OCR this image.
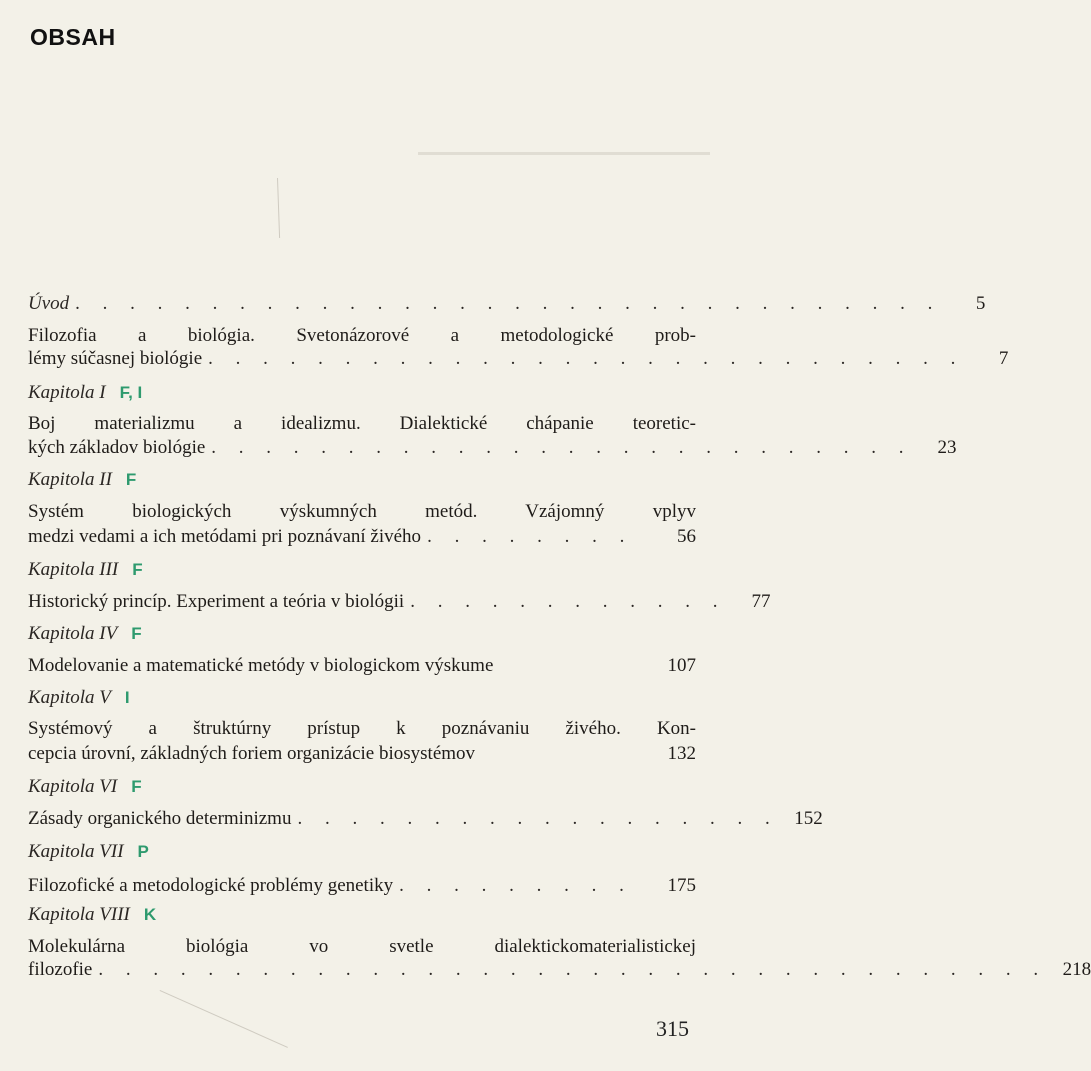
OBSAH
Úvod . . . . . . . . . . . . . . . . . . . . . . . . . . . . . . . .	5
Filozofia a biológia. Svetonázorové a metodologické prob-
lémy súčasnej biológie . . . . . . . . . . . . . . . . . . . . . . . . . . . .	7
Kapitola I F, I
Boj materializmu a idealizmu. Dialektické chápanie teoretic-
kých základov biológie . . . . . . . . . . . . . . . . . . . . . . . . . .	23
Kapitola II F
Systém biologických výskumných metód. Vzájomný vplyv
medzi vedami a ich metódami pri poznávaní živého . . . . . . . .	56
Kapitola III F
Historický princíp. Experiment a teória v biológii . . . . . . . . . . . .	77
Kapitola IV F
Modelovanie a matematické metódy v biologickom výskume	107
Kapitola V I
Systémový a štruktúrny prístup k poznávaniu živého. Kon-
cepcia úrovní, základných foriem organizácie biosystémov	132
Kapitola VI F
Zásady organického determinizmu . . . . . . . . . . . . . . . . . . 152
Kapitola VII P
Filozofické a metodologické problémy genetiky . . . . . . . . .	175
Kapitola VIII K
Molekulárna biológia vo svetle dialektickomaterialistickej
filozofie . . . . . . . . . . . . . . . . . . . . . . . . . . . . . . . . . . . 218
315
